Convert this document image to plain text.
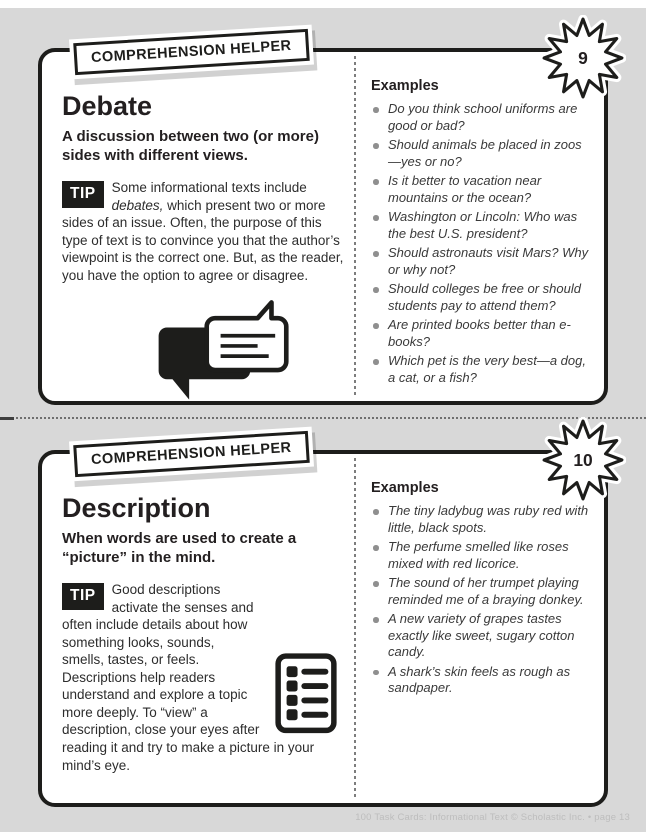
COMPREHENSION HELPER	9
Debate
A discussion between two (or more) sides with different views.

TIP	Some informational texts include debates, which present two or more sides of an issue. Often, the purpose of this type of text is to convince you that the author’s viewpoint is the correct one. But, as the reader, you have the option to agree or disagree.

Examples
Do you think school uniforms are good or bad?
Should animals be placed in zoos—yes or no?
Is it better to vacation near mountains or the ocean?
Washington or Lincoln: Who was the best U.S. president?
Should astronauts visit Mars? Why or why not?
Should colleges be free or should students pay to attend them?
Are printed books better than e-books?
Which pet is the very best—a dog, a cat, or a fish?
COMPREHENSION HELPER	10
Description
When words are used to create a “picture” in the mind.

TIP	Good descriptions activate the senses and often include details about how something looks, sounds, smells, tastes, or feels. Descriptions help readers understand and explore a topic more deeply. To “view” a description, close your eyes after reading it and try to make a picture in your mind’s eye.

Examples
The tiny ladybug was ruby red with little, black spots.
The perfume smelled like roses mixed with red licorice.
The sound of her trumpet playing reminded me of a braying donkey.
A new variety of grapes tastes exactly like sweet, sugary cotton candy.
A shark’s skin feels as rough as sandpaper.
100 Task Cards: Informational Text © Scholastic Inc. • page 13
